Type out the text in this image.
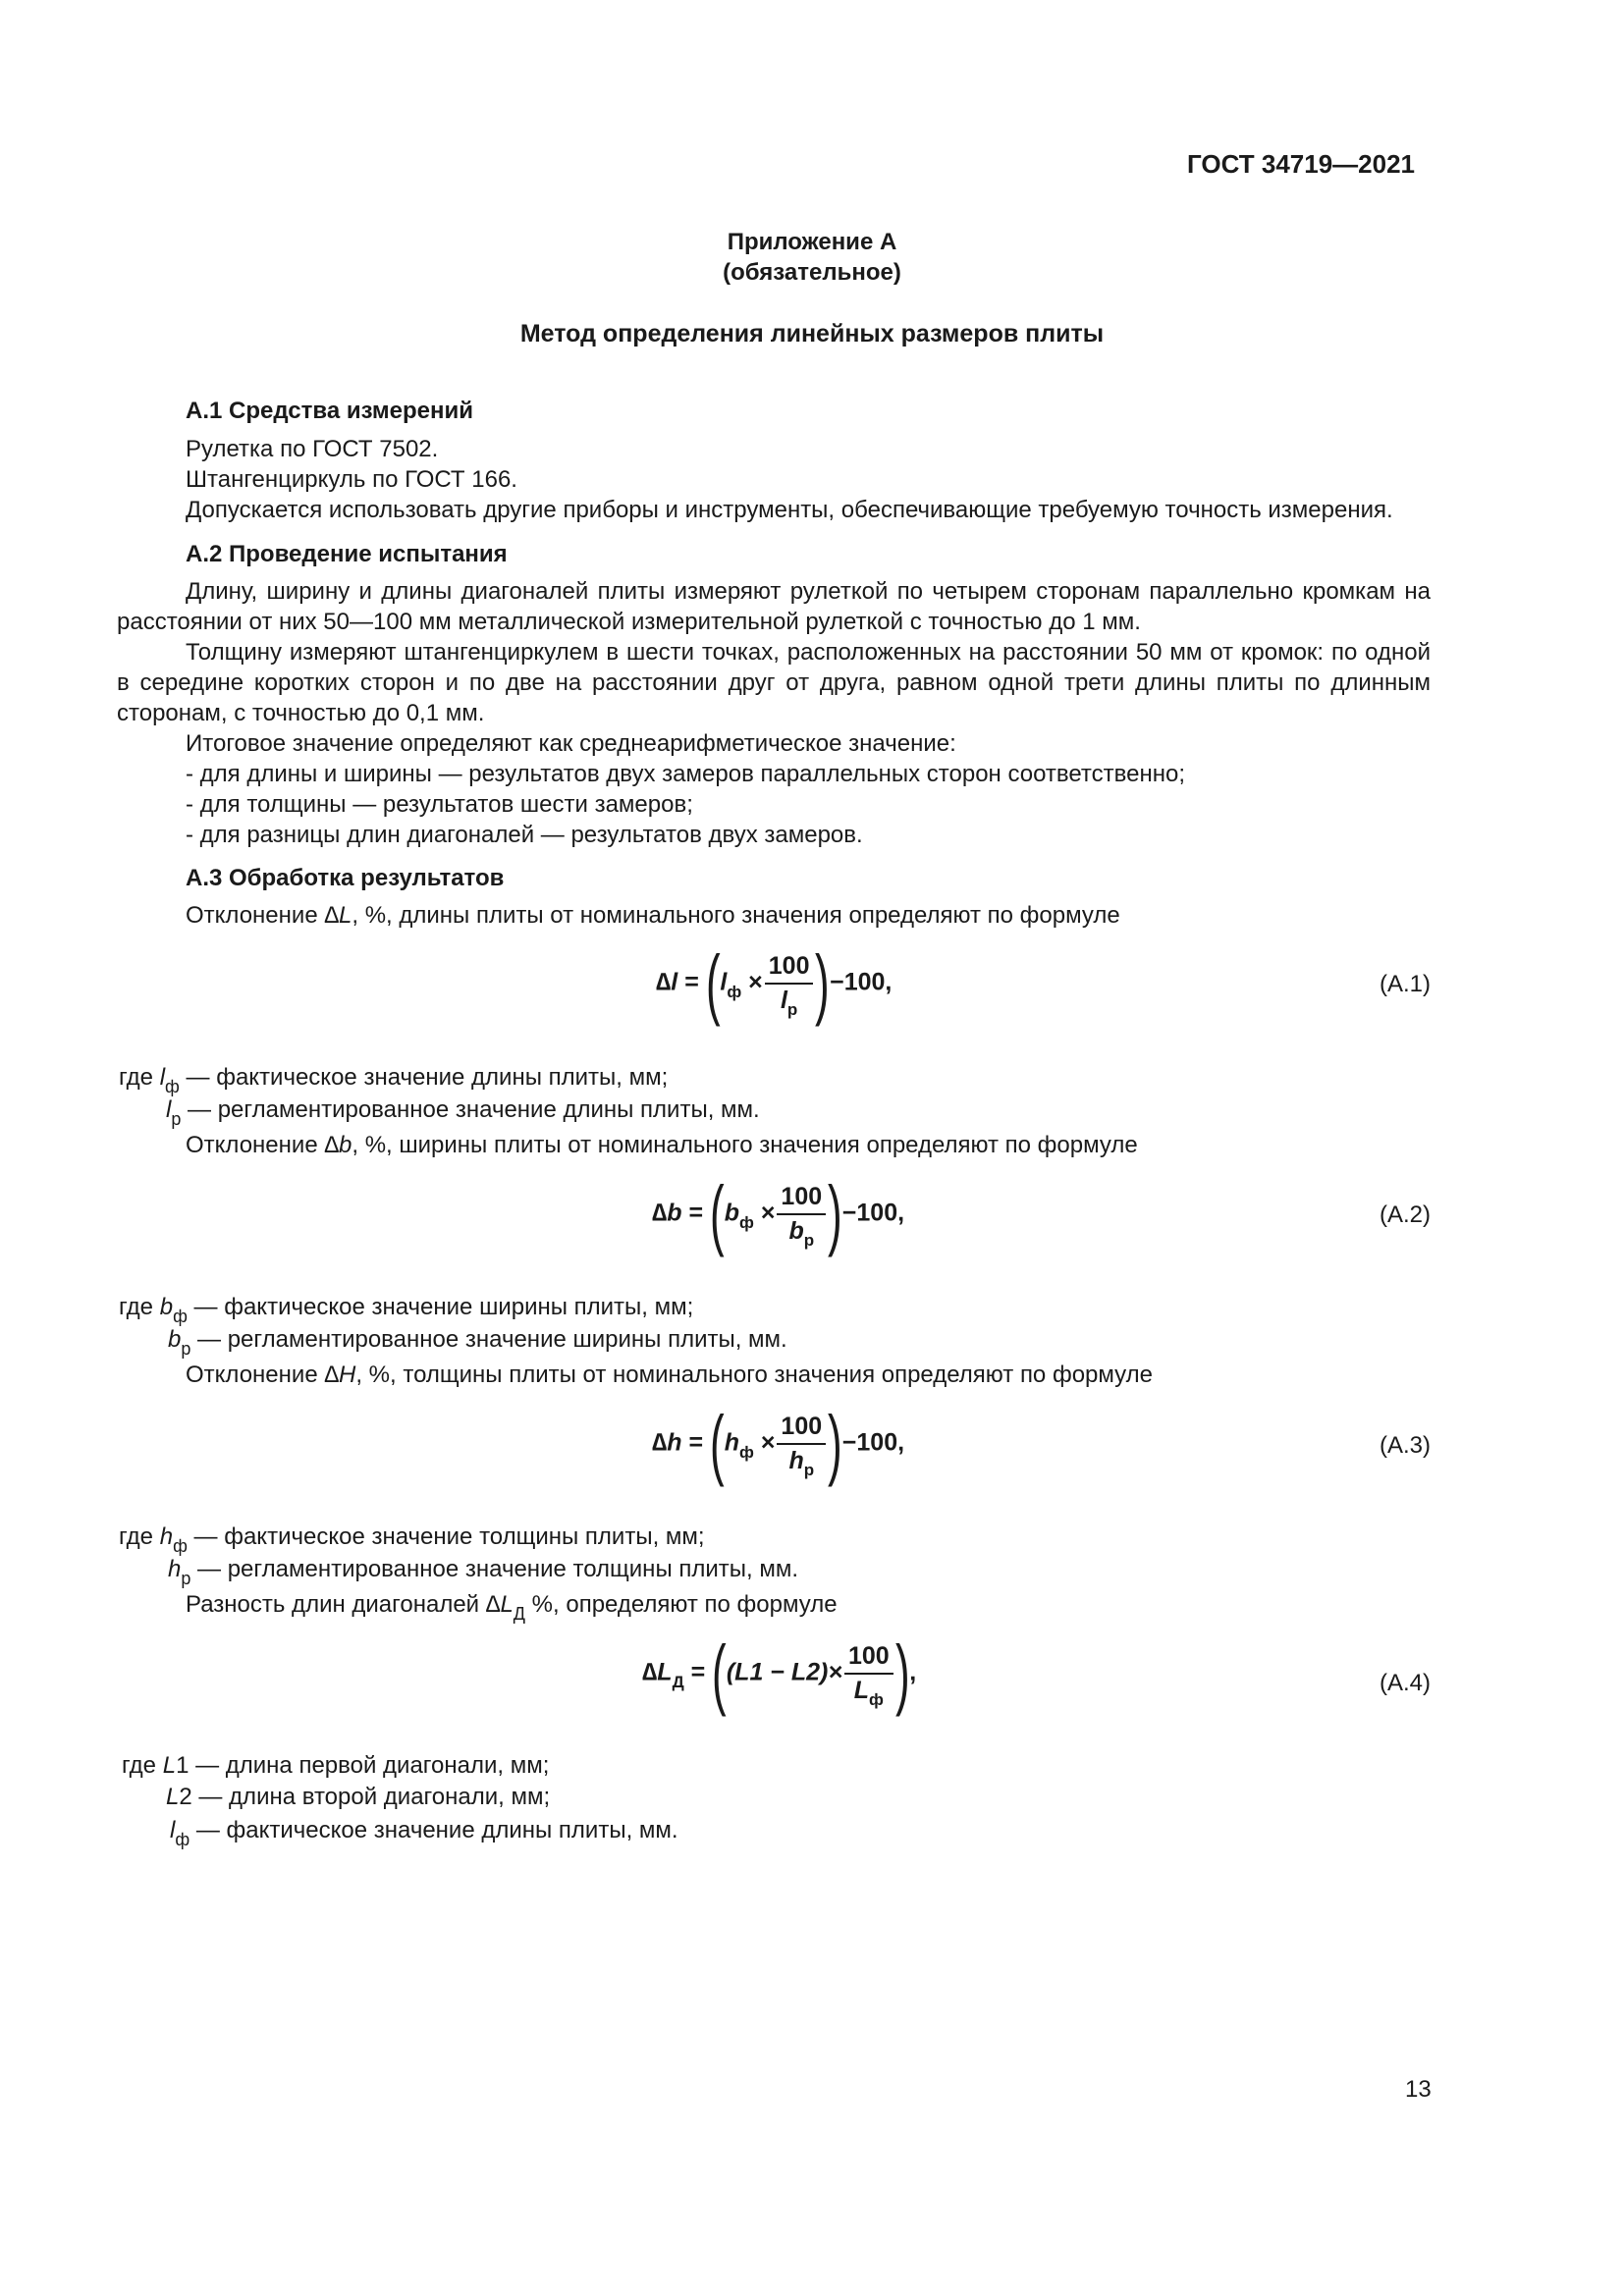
ГОСТ 34719—2021
Приложение А
(обязательное)
Метод определения линейных размеров плиты
А.1 Средства измерений
Рулетка по ГОСТ 7502.
Штангенциркуль по ГОСТ 166.
Допускается использовать другие приборы и инструменты, обеспечивающие требуемую точность измерения.
А.2 Проведение испытания

Длину, ширину и длины диагоналей плиты измеряют рулеткой по четырем сторонам параллельно кромкам на расстоянии от них 50—100 мм металлической измерительной рулеткой с точностью до 1 мм.

Толщину измеряют штангенциркулем в шести точках, расположенных на расстоянии 50 мм от кромок: по одной в середине коротких сторон и по две на расстоянии друг от друга, равном одной трети длины плиты по длинным сторонам, с точностью до 0,1 мм.

Итоговое значение определяют как среднеарифметическое значение:

- для длины и ширины — результатов двух замеров параллельных сторон соответственно;
- для толщины — результатов шести замеров;
- для разницы длин диагоналей — результатов двух замеров.
А.3 Обработка результатов
Отклонение ∆L, %, длины плиты от номинального значения определяют по формуле
$\Delta l = (l_ф \times \frac{100}{l_р} )-100$,	(А.1)
где $l_ф$ — фактическое значение длины плиты, мм;
$l_р$ — регламентированное значение длины плиты, мм.
Отклонение ∆b, %, ширины плиты от номинального значения определяют по формуле
$\Delta b = (b_ф \times \frac{100}{b_р} )-100$,	(А.2)
где $b_ф$ — фактическое значение ширины плиты, мм;
$b_р$ — регламентированное значение ширины плиты, мм.
Отклонение ∆H, %, толщины плиты от номинального значения определяют по формуле
$\Delta h = (h_ф \times \frac{100}{h_р} )-100$,	(А.3)
где $h_ф$ — фактическое значение толщины плиты, мм;
$h_р$ — регламентированное значение толщины плиты, мм.
Разность длин диагоналей $\Delta L_Д$ %, определяют по формуле
$\Delta L_Д = ((L1 - L2)\times \frac{100}{L_ф}$ ),	(А.4)
где L1 — длина первой диагонали, мм;
L2 — длина второй диагонали, мм;
$l_ф$ — фактическое значение длины плиты, мм.
13
